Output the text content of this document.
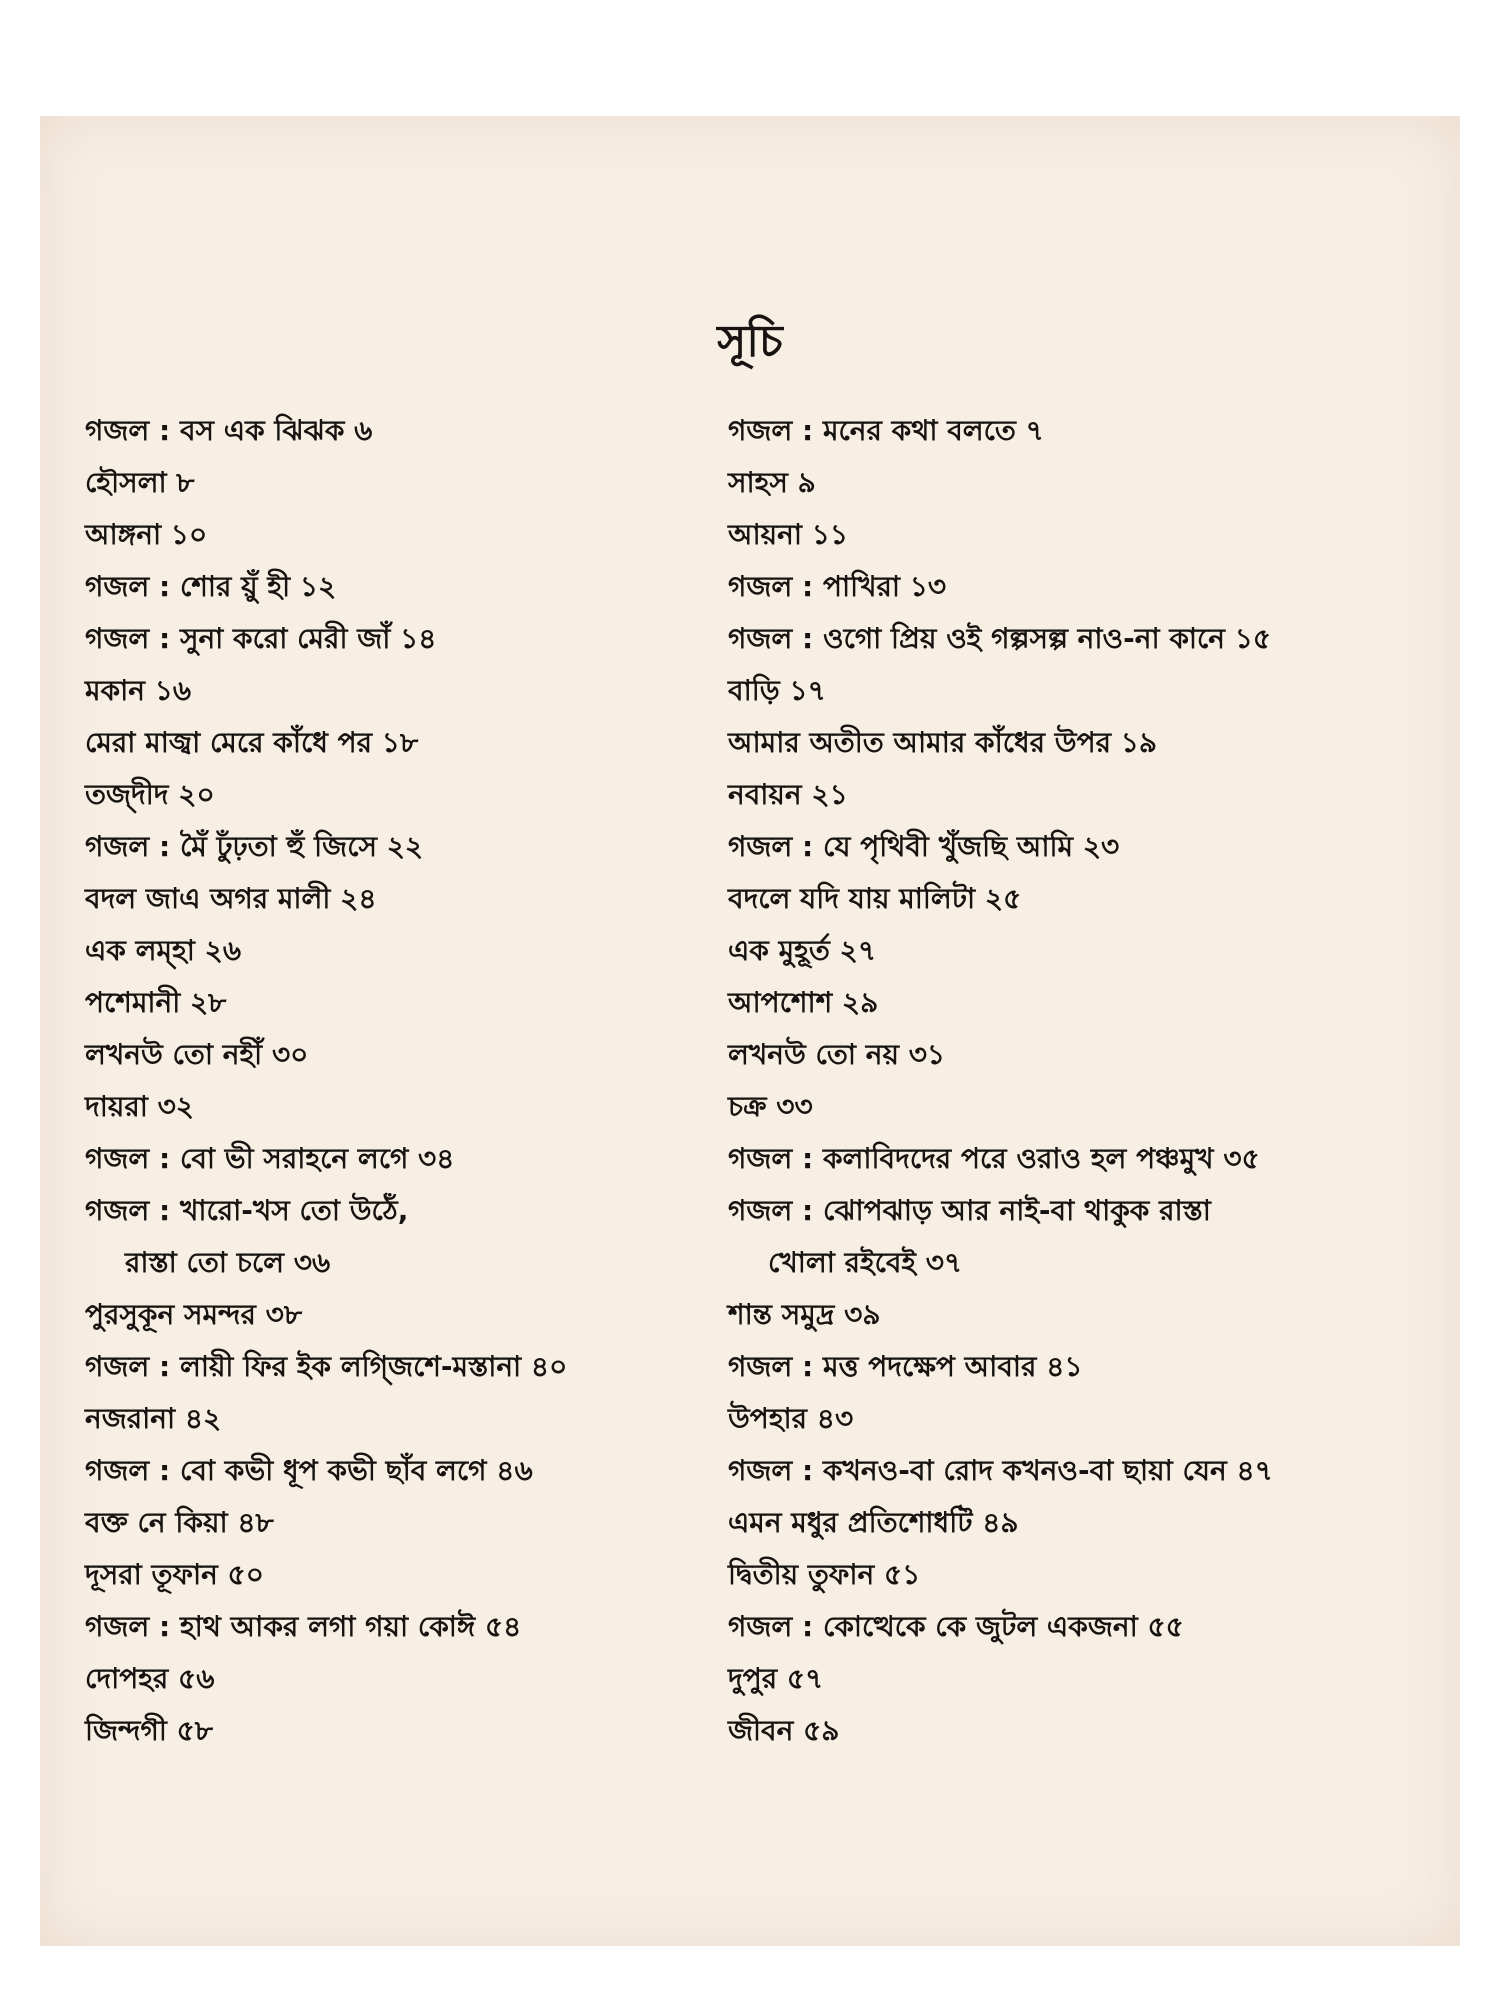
সূচি
গজল : বস এক ঝিঝক ৬
হৌসলা ৮
আঙ্গনা ১০
গজল : শোর য়ুঁ হী ১২
গজল : সুনা করো মেরী জাঁ ১৪
মকান ১৬
মেরা মাজ্বা মেরে কাঁধে পর ১৮
তজ্দীদ ২০
গজল : মৈঁ ঢুঁঢ়তা হুঁ জিসে ২২
বদল জাএ অগর মালী ২৪
এক লম্হা ২৬
পশেমানী ২৮
লখনউ তো নহীঁ ৩০
দায়রা ৩২
গজল : বো ভী সরাহনে লগে ৩৪
গজল : খারো-খস তো উঠেঁ,
রাস্তা তো চলে ৩৬
পুরসুকূন সমন্দর ৩৮
গজল : লায়ী ফির ইক লগ্জিশে-মস্তানা ৪০
নজরানা ৪২
গজল : বো কভী ধূপ কভী ছাঁব লগে ৪৬
বক্ত নে কিয়া ৪৮
দূসরা তূফান ৫০
গজল : হাথ আকর লগা গয়া কোঈ ৫৪
দোপহর ৫৬
জিন্দগী ৫৮
গজল : মনের কথা বলতে ৭
সাহস ৯
আয়না ১১
গজল : পাখিরা ১৩
গজল : ওগো প্রিয় ওই গল্পসল্প নাও-না কানে ১৫
বাড়ি ১৭
আমার অতীত আমার কাঁধের উপর ১৯
নবায়ন ২১
গজল : যে পৃথিবী খুঁজছি আমি ২৩
বদলে যদি যায় মালিটা ২৫
এক মুহূর্ত ২৭
আপশোশ ২৯
লখনউ তো নয় ৩১
চক্র ৩৩
গজল : কলাবিদদের পরে ওরাও হল পঞ্চমুখ ৩৫
গজল : ঝোপঝাড় আর নাই-বা থাকুক রাস্তা
খোলা রইবেই ৩৭
শান্ত সমুদ্র ৩৯
গজল : মত্ত পদক্ষেপ আবার ৪১
উপহার ৪৩
গজল : কখনও-বা রোদ কখনও-বা ছায়া যেন ৪৭
এমন মধুর প্রতিশোধটি ৪৯
দ্বিতীয় তুফান ৫১
গজল : কোত্থেকে কে জুটল একজনা ৫৫
দুপুর ৫৭
জীবন ৫৯
